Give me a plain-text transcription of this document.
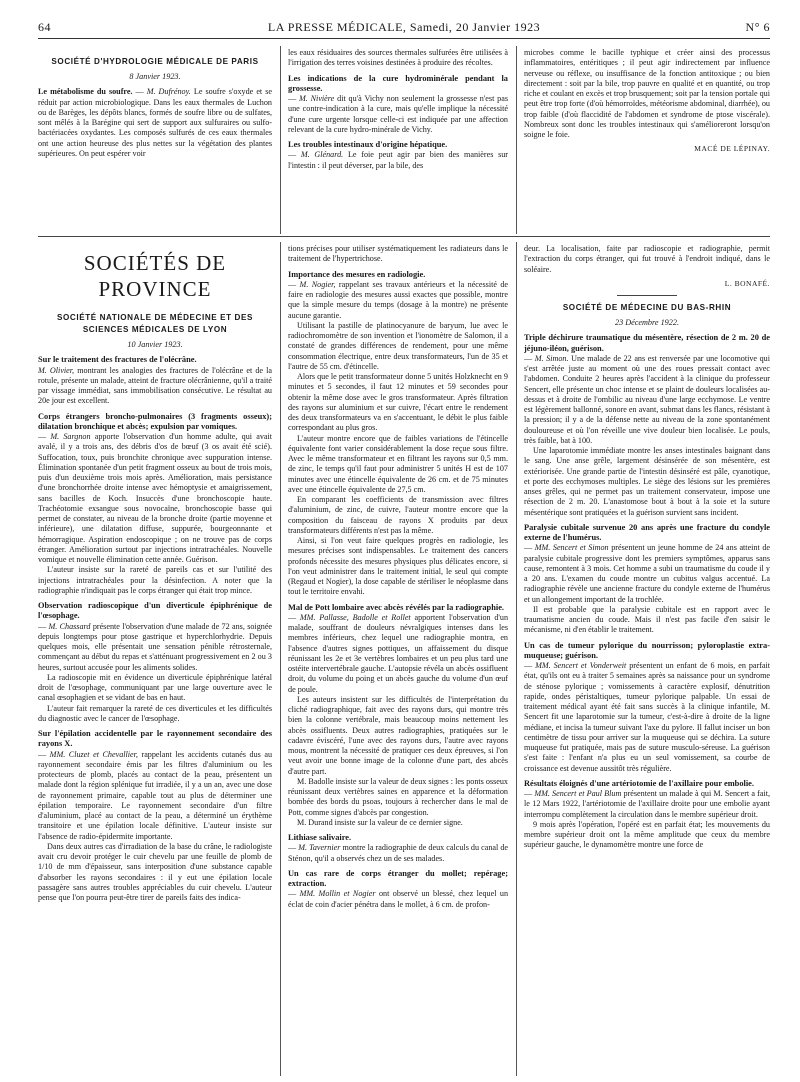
64	LA PRESSE MÉDICALE, Samedi, 20 Janvier 1923	N° 6
SOCIÉTÉ D'HYDROLOGIE MÉDICALE DE PARIS
8 Janvier 1923.

Le métabolisme du soufre. — M. Dufrénoy. Le soufre s'oxyde et se réduit par action microbiologique. Dans les eaux thermales de Luchon ou de Barèges, les dépôts blancs, formés de soufre libre ou de sulfates, sont mêlés à la Barégine qui sert de support aux sulfuraires ou sulfo-bactériacées oxydantes. Les composés sulfurés de ces eaux thermales ont une action heureuse des plus nettes sur la végétation des plantes supérieures. On peut espérer voir

les eaux résiduaires des sources thermales sulfurées être utilisées à l'irrigation des terres voisines destinées à produire des récoltes.

Les indications de la cure hydrominérale pendant la grossesse.

— M. Nivière dit qu'à Vichy non seulement la grossesse n'est pas une contre-indication à la cure, mais qu'elle implique la nécessité d'une cure urgente lorsque celle-ci est indiquée par une affection relevant de la cure hydro-minérale de Vichy.

Les troubles intestinaux d'origine hépatique.

— M. Glénard. Le foie peut agir par bien des manières sur l'intestin : il peut déverser, par la bile, des

microbes comme le bacille typhique et créer ainsi des processus inflammatoires, entéritiques ; il peut agir indirectement par influence nerveuse ou réflexe, ou insuffisance de la fonction antitoxique ; ou bien directement : soit par la bile, trop pauvre en qualité et en quantité, ou trop riche et coulant en excès et trop brusquement; soit par la tension portale qui peut être trop forte (d'où hémorroïdes, météorisme abdominal, diarrhée), ou trop faible (d'où flaccidité de l'abdomen et syndrome de ptose viscérale). Nombreux sont donc les troubles intestinaux qui s'amélioreront lorsqu'on soigne le foie.

MACÉ DE LÉPINAY.
SOCIÉTÉS DE PROVINCE
SOCIÉTÉ NATIONALE DE MÉDECINE ET DES SCIENCES MÉDICALES DE LYON
10 Janvier 1923.
Sur le traitement des fractures de l'olécrâne.

M. Olivier, montrant les analogies des fractures de l'olécrâne et de la rotule, présente un malade, atteint de fracture olécrânienne, qu'il a traité par vissage immédiat, sans immobilisation consécutive. Le résultat au 20e jour est excellent.

Corps étrangers broncho-pulmonaires (3 fragments osseux); dilatation bronchique et abcès; expulsion par vomiques.

— M. Sargnon apporte l'observation d'un homme adulte, qui avait avalé, il y a trois ans, des débris d'os de bœuf (3 os avait été scié). Suffocation, toux, puis bronchite chronique avec suppuration intense. Élimination spontanée d'un petit fragment osseux au bout de trois mois, puis d'un deuxième trois mois après. Amélioration, mais persistance d'une bronchorrhée droite intense avec hémoptysie et amaigrissement, sans bacilles de Koch. Insuccès d'une bronchoscopie haute. Trachéotomie exsangue sous novocaïne, bronchoscopie basse qui permet de constater, au niveau de la bronche droite (partie moyenne et inférieure), une dilatation diffuse, suppurée, bourgeonnante et hémorragique. Aspiration endoscopique ; on ne trouve pas de corps étranger. Amélioration surtout par injections intratrachéales. Nouvelle vomique et nouvelle élimination cette année. Guérison.

L'auteur insiste sur la rareté de pareils cas et sur l'utilité des injections intratrachéales pour la désinfection. A noter que la radiographie n'indiquait pas le corps étranger qui était trop mince.

Observation radioscopique d'un diverticule épiphrénique de l'œsophage.

— M. Chassard présente l'observation d'une malade de 72 ans, soignée depuis longtemps pour ptose gastrique et hyperchlorhydrie. Depuis quelques mois, elle présentait une sensation pénible rétrosternale, commençant au début du repas et s'atténuant progressivement en 2 ou 3 heures, surtout accusée pour les aliments solides.

La radioscopie mit en évidence un diverticule épiphrénique latéral droit de l'œsophage, communiquant par une large ouverture avec le canal œsophagien et se vidant de bas en haut.

L'auteur fait remarquer la rareté de ces diverticules et les difficultés du diagnostic avec le cancer de l'œsophage.

Sur l'épilation accidentelle par le rayonnement secondaire des rayons X.

— MM. Cluzet et Chevallier, rappelant les accidents cutanés dus au rayonnement secondaire émis par les filtres d'aluminium ou les protecteurs de plomb, placés au contact de la peau, présentent un malade dont la région splénique fut irradiée, il y a un an, avec une dose de rayonnement primaire, capable tout au plus de déterminer une épilation temporaire. Le rayonnement secondaire d'un filtre d'aluminium, placé au contact de la peau, a déterminé un érythème transitoire et une épilation locale définitive. L'auteur insiste sur l'absence de radio-épidermite importante.

Dans deux autres cas d'irradiation de la base du crâne, le radiologiste avait cru devoir protéger le cuir chevelu par une feuille de plomb de 1/10 de mm d'épaisseur, sans interposition d'une substance capable d'absorber les rayons secondaires : il y eut une épilation locale passagère sans autres troubles appréciables du cuir chevelu. L'auteur pense que l'on pourra peut-être tirer de pareils faits des indica-

tions précises pour utiliser systématiquement les radiateurs dans le traitement de l'hypertrichose.

Importance des mesures en radiologie.

— M. Nogier, rappelant ses travaux antérieurs et la nécessité de faire en radiologie des mesures aussi exactes que possible, montre que la simple mesure du temps (dosage à la montre) ne présente aucune garantie.

Utilisant la pastille de platinocyanure de baryum, lue avec le radiochromomètre de son invention et l'ionomètre de Salomon, il a constaté de grandes différences de rendement, pour une même consommation électrique, entre deux transformateurs, l'un de 35 et l'autre de 55 cm. d'étincelle.

Alors que le petit transformateur donne 5 unités Holzknecht en 9 minutes et 5 secondes, il faut 12 minutes et 59 secondes pour obtenir la même dose avec le gros transformateur. Après filtration des rayons sur aluminium et sur cuivre, l'écart entre le rendement des deux transformateurs va en s'accentuant, le débit le plus faible correspondant au plus gros.

L'auteur montre encore que de faibles variations de l'étincelle équivalente font varier considérablement la dose reçue sous filtre. Avec le même transformateur et en filtrant les rayons sur 0,5 mm. de zinc, le temps qu'il faut pour administrer 5 unités H est de 107 minutes avec une étincelle équivalente de 26 cm. et de 75 minutes avec une étincelle équivalente de 27,5 cm.

En comparant les coefficients de transmission avec filtres d'aluminium, de zinc, de cuivre, l'auteur montre encore que la composition du faisceau de rayons X produits par deux transformateurs différents n'est pas la même.

Ainsi, si l'on veut faire quelques progrès en radiologie, les mesures précises sont indispensables. Le traitement des cancers profonds nécessite des mesures physiques plus délicates encore, si l'on veut administrer dans le traitement initial, le seul qui compte (Regaud et Nogier), la dose capable de stériliser le néoplasme dans tout le territoire envahi.

Mal de Pott lombaire avec abcès révélés par la radiographie.

— MM. Pallasse, Badolle et Rollet apportent l'observation d'un malade, souffrant de douleurs névralgiques intenses dans les membres inférieurs, chez lequel une radiographie montra, en l'absence d'autres signes pottiques, un affaissement du disque réunissant les 2e et 3e vertèbres lombaires et un peu plus tard une ostéite intervertébrale gauche. L'autopsie révéla un abcès ossifluent droit, du volume du poing et un abcès gauche du volume d'un œuf de poule.

Les auteurs insistent sur les difficultés de l'interprétation du cliché radiographique, fait avec des rayons durs, qui montre très bien la colonne vertébrale, mais beaucoup moins nettement les abcès ossifluents. Deux autres radiographies, pratiquées sur le cadavre éviscéré, l'une avec des rayons durs, l'autre avec rayons mous, montrent la nécessité de pratiquer ces deux épreuves, si l'on veut avoir une bonne image de la colonne d'une part, des abcès d'autre part.

M. Badolle insiste sur la valeur de deux signes : les ponts osseux réunissant deux vertèbres saines en apparence et la déformation bombée des bords du psoas, toujours à rechercher dans le mal de Pott, comme signes d'abcès par congestion.

M. Durand insiste sur la valeur de ce dernier signe.

Lithiase salivaire.

— M. Tavernier montre la radiographie de deux calculs du canal de Sténon, qu'il a observés chez un de ses malades.

Un cas rare de corps étranger du mollet; repérage; extraction.

— MM. Mollin et Nogier ont observé un blessé, chez lequel un éclat de coin d'acier pénétra dans le mollet, à 6 cm. de profon-

deur. La localisation, faite par radioscopie et radiographie, permit l'extraction du corps étranger, qui fut trouvé à l'endroit indiqué, dans le soléaire.

L. BONAFÉ.
SOCIÉTÉ DE MÉDECINE DU BAS-RHIN
23 Décembre 1922.
Triple déchirure traumatique du mésentère, résection de 2 m. 20 de jéjuno-iléon, guérison.

— M. Simon. Une malade de 22 ans est renversée par une locomotive qui s'est arrêtée juste au moment où une des roues pressait contact avec l'abdomen. Conduite 2 heures après l'accident à la clinique du professeur Sencert, elle présente un choc intense et se plaint de douleurs localisées au-dessus et à droite de l'ombilic au niveau d'une large ecchymose. Le ventre est légèrement ballonné, sonore en avant, submat dans les flancs, résistant à la pression; il y a de la défense nette au niveau de la zone spontanément douloureuse et où l'on réveille une vive douleur bien localisée. Le pouls, très faible, bat à 100.

Une laparotomie immédiate montre les anses intestinales baignant dans le sang. Une anse grêle, largement désinsérée de son mésentère, est extériorisée. Une grande partie de l'intestin désinséré est pâle, cyanotique, et porte des ecchymoses multiples. Le siège des lésions sur les premières anses grêles, qui ne permet pas un traitement conservateur, impose une résection de 2 m. 20. L'anastomose bout à bout à la soie et la suture mésentérique sont pratiquées et la guérison survient sans incident.

Paralysie cubitale survenue 20 ans après une fracture du condyle externe de l'humérus.

— MM. Sencert et Simon présentent un jeune homme de 24 ans atteint de paralysie cubitale progressive dont les premiers symptômes, apparus sans cause, remontent à 3 mois. Cet homme a subi un traumatisme du coude il y a 20 ans. L'examen du coude montre un cubitus valgus accentué. La radiographie révèle une ancienne fracture du condyle externe de l'humérus et un allongement important de la trochlée.

Il est probable que la paralysie cubitale est en rapport avec le traumatisme ancien du coude. Mais il n'est pas facile d'en saisir le mécanisme, ni d'en établir le traitement.

Un cas de tumeur pylorique du nourrisson; pyloroplastie extra-muqueuse; guérison.

— MM. Sencert et Vonderweit présentent un enfant de 6 mois, en parfait état, qu'ils ont eu à traiter 5 semaines après sa naissance pour un syndrome de sténose pylorique ; vomissements à caractère explosif, dénutrition rapide, ondes péristaltiques, tumeur pylorique palpable. Un essai de traitement médical ayant été fait sans succès à la clinique infantile, M. Sencert fit une laparotomie sur la tumeur, c'est-à-dire à droite de la ligne médiane, et incisa la tumeur suivant l'axe du pylore. Il fallut inciser un bon centimètre de tissu pour arriver sur la muqueuse qui se déchira. La suture muqueuse fut pratiquée, mais pas de suture musculo-séreuse. La guérison s'est faite : l'enfant n'a plus eu un seul vomissement, sa courbe de croissance est devenue aussitôt très régulière.

Résultats éloignés d'une artériotomie de l'axillaire pour embolie.

— MM. Sencert et Paul Blum présentent un malade à qui M. Sencert a fait, le 12 Mars 1922, l'artériotomie de l'axillaire droite pour une embolie ayant interrompu complètement la circulation dans le membre supérieur droit.

9 mois après l'opération, l'opéré est en parfait état; les mouvements du membre supérieur droit ont la même amplitude que ceux du membre supérieur gauche, le dynamomètre montre une force de
